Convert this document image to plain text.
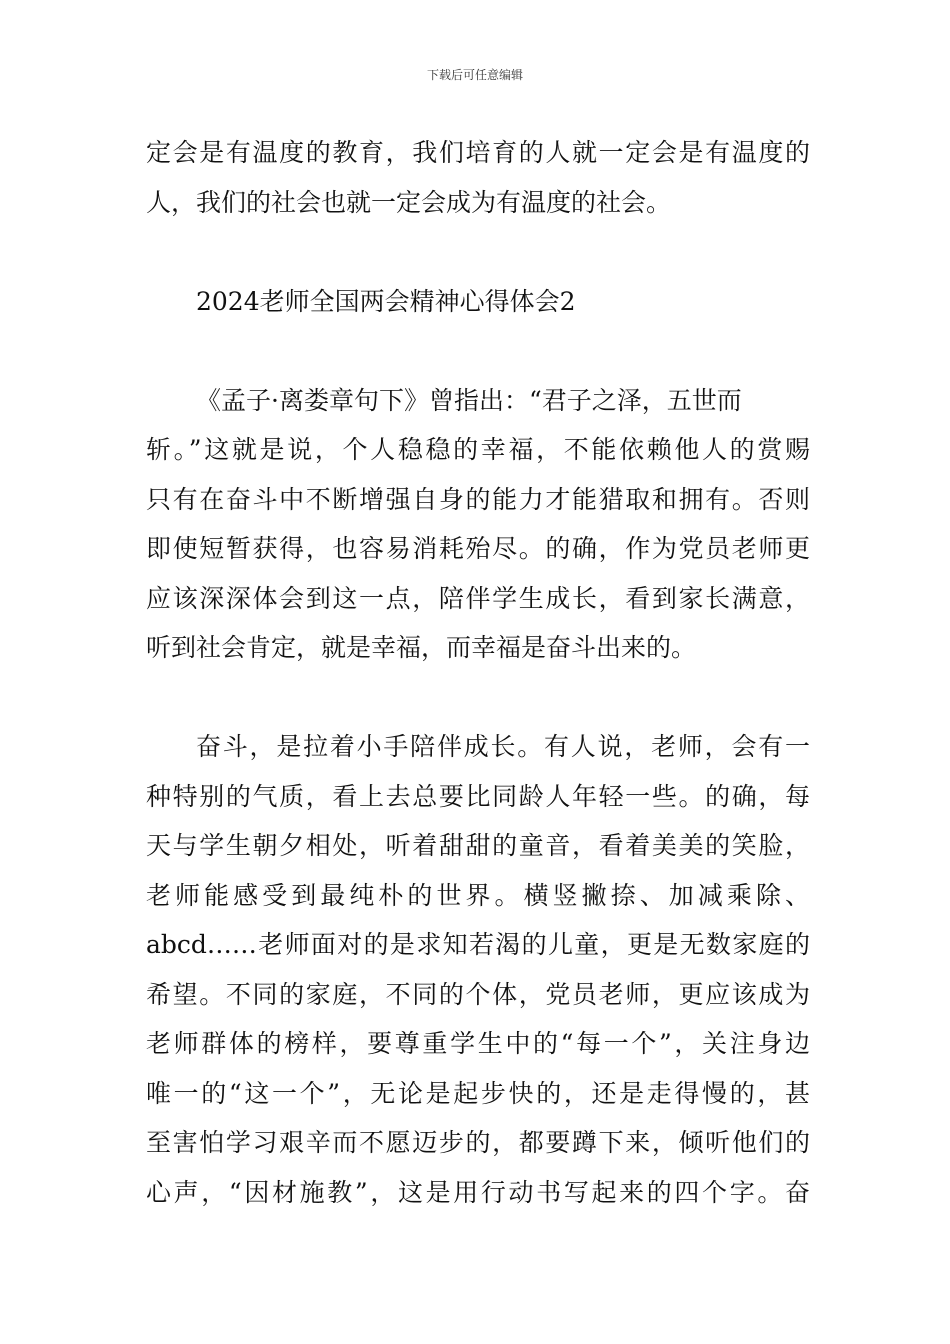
下载后可任意编辑

定会是有温度的教育，我们培育的人就一定会是有温度的
人，我们的社会也就一定会成为有温度的社会。

2024老师全国两会精神心得体会2

《孟子·离娄章句下》曾指出：“君子之泽，五世而
斩。”这就是说，个人稳稳的幸福，不能依赖他人的赏赐
只有在奋斗中不断增强自身的能力才能猎取和拥有。否则
即使短暂获得，也容易消耗殆尽。的确，作为党员老师更
应该深深体会到这一点，陪伴学生成长，看到家长满意，
听到社会肯定，就是幸福，而幸福是奋斗出来的。

奋斗，是拉着小手陪伴成长。有人说，老师，会有一
种特别的气质，看上去总要比同龄人年轻一些。的确，每
天与学生朝夕相处，听着甜甜的童音，看着美美的笑脸，
老师能感受到最纯朴的世界。横竖撇捺、加减乘除、
abcd……老师面对的是求知若渴的儿童，更是无数家庭的
希望。不同的家庭，不同的个体，党员老师，更应该成为
老师群体的榜样，要尊重学生中的“每一个”，关注身边
唯一的“这一个”，无论是起步快的，还是走得慢的，甚
至害怕学习艰辛而不愿迈步的，都要蹲下来，倾听他们的
心声，“因材施教”，这是用行动书写起来的四个字。奋
